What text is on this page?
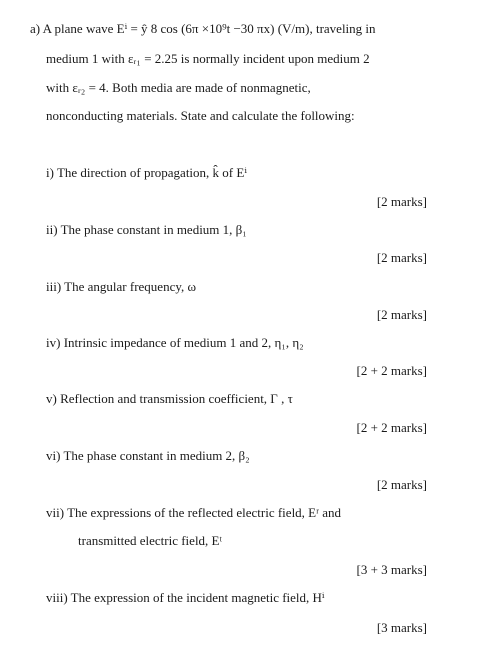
a) A plane wave Eⁱ = ŷ 8 cos (6π ×10⁹t −30 πx) (V/m), traveling in
medium 1 with εᵣ₁ = 2.25 is normally incident upon medium 2
with εᵣ₂ = 4. Both media are made of nonmagnetic,
nonconducting materials. State and calculate the following:
i) The direction of propagation, k̂ of Eⁱ
[2 marks]
ii) The phase constant in medium 1, β₁
[2 marks]
iii) The angular frequency, ω
[2 marks]
iv) Intrinsic impedance of medium 1 and 2, η₁, η₂
[2 + 2 marks]
v) Reflection and transmission coefficient, Γ , τ
[2 + 2 marks]
vi) The phase constant in medium 2, β₂
[2 marks]
vii) The expressions of the reflected electric field, Eʳ and
transmitted electric field, Eᵗ
[3 + 3 marks]
viii) The expression of the incident magnetic field, Hⁱ
[3 marks]
